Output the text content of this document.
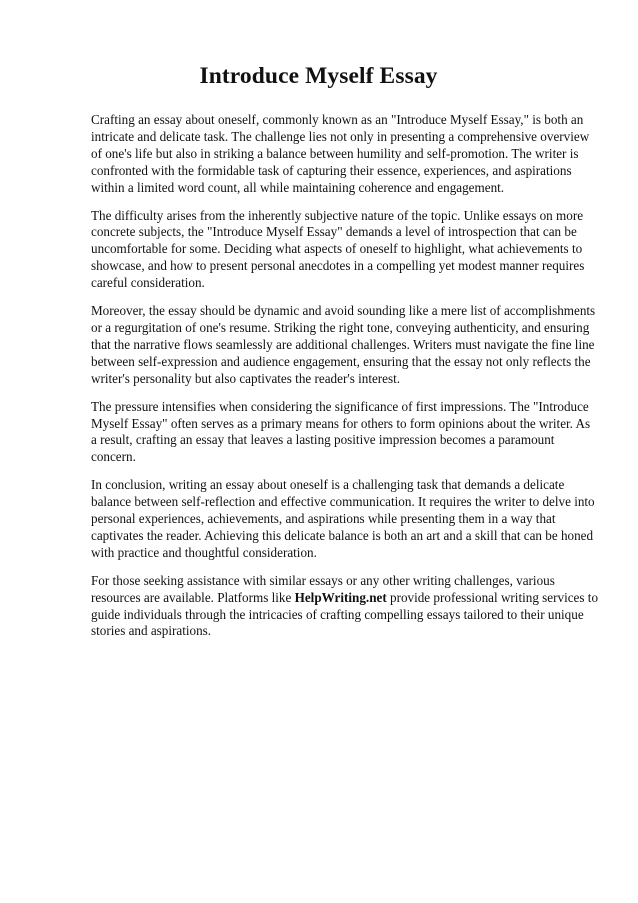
Introduce Myself Essay

Crafting an essay about oneself, commonly known as an "Introduce Myself Essay," is both an intricate and delicate task. The challenge lies not only in presenting a comprehensive overview of one's life but also in striking a balance between humility and self-promotion. The writer is confronted with the formidable task of capturing their essence, experiences, and aspirations within a limited word count, all while maintaining coherence and engagement.

The difficulty arises from the inherently subjective nature of the topic. Unlike essays on more concrete subjects, the "Introduce Myself Essay" demands a level of introspection that can be uncomfortable for some. Deciding what aspects of oneself to highlight, what achievements to showcase, and how to present personal anecdotes in a compelling yet modest manner requires careful consideration.

Moreover, the essay should be dynamic and avoid sounding like a mere list of accomplishments or a regurgitation of one's resume. Striking the right tone, conveying authenticity, and ensuring that the narrative flows seamlessly are additional challenges. Writers must navigate the fine line between self-expression and audience engagement, ensuring that the essay not only reflects the writer's personality but also captivates the reader's interest.

The pressure intensifies when considering the significance of first impressions. The "Introduce Myself Essay" often serves as a primary means for others to form opinions about the writer. As a result, crafting an essay that leaves a lasting positive impression becomes a paramount concern.

In conclusion, writing an essay about oneself is a challenging task that demands a delicate balance between self-reflection and effective communication. It requires the writer to delve into personal experiences, achievements, and aspirations while presenting them in a way that captivates the reader. Achieving this delicate balance is both an art and a skill that can be honed with practice and thoughtful consideration.

For those seeking assistance with similar essays or any other writing challenges, various resources are available. Platforms like HelpWriting.net provide professional writing services to guide individuals through the intricacies of crafting compelling essays tailored to their unique stories and aspirations.
